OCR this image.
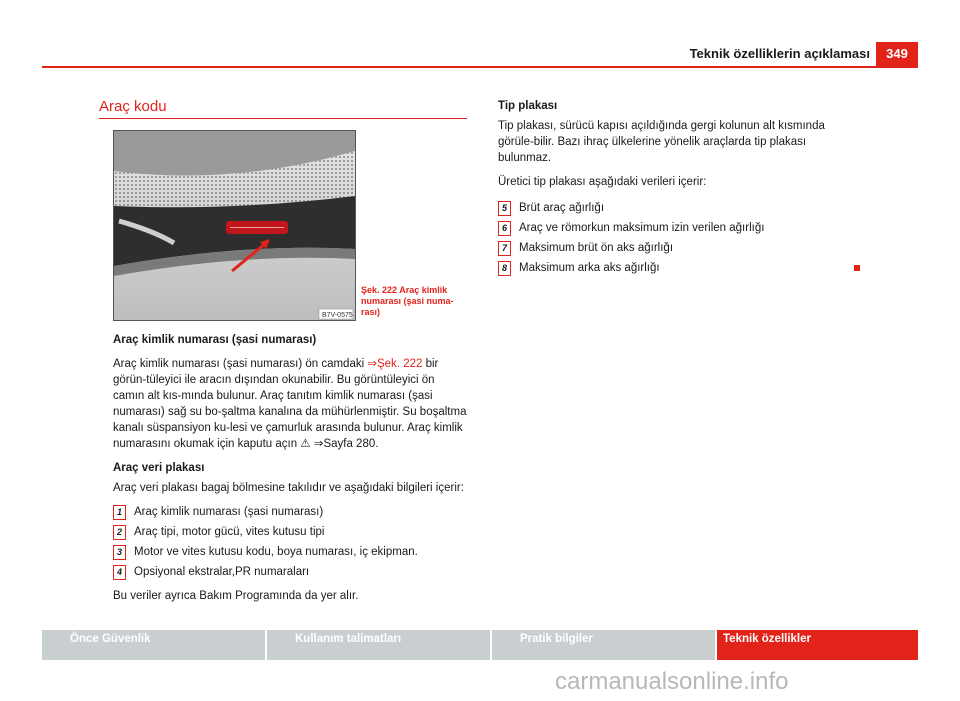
Teknik özelliklerin açıklaması	349
Araç kodu
B7V-0575
Şek. 222 Araç kimlik numarası (şasi numa-rası)

Araç kimlik numarası (şasi numarası)

Araç kimlik numarası (şasi numarası) ön camdaki ⇒Şek. 222 bir görün-tüleyici ile aracın dışından okunabilir. Bu görüntüleyici ön camın alt kıs-mında bulunur. Araç tanıtım kimlik numarası (şasi numarası) sağ su bo-şaltma kanalına da mühürlenmiştir. Su boşaltma kanalı süspansiyon ku-lesi ve çamurluk arasında bulunur. Araç kimlik numarasını okumak için kaputu açın ⚠ ⇒Sayfa 280.

Araç veri plakası

Araç veri plakası bagaj bölmesine takılıdır ve aşağıdaki bilgileri içerir:

1	Araç kimlik numarası (şasi numarası)
2	Araç tipi, motor gücü, vites kutusu tipi
3	Motor ve vites kutusu kodu, boya numarası, iç ekipman.
4	Opsiyonal ekstralar,PR numaraları

Bu veriler ayrıca Bakım Programında da yer alır.

Tip plakası

Tip plakası, sürücü kapısı açıldığında gergi kolunun alt kısmında görüle-bilir. Bazı ihraç ülkelerine yönelik araçlarda tip plakası bulunmaz.

Üretici tip plakası aşağıdaki verileri içerir:

5	Brüt araç ağırlığı
6	Araç ve römorkun maksimum izin verilen ağırlığı
7	Maksimum brüt ön aks ağırlığı
8	Maksimum arka aks ağırlığı
Önce Güvenlik	Kullanım talimatları	Pratik bilgiler	Teknik özellikler
carmanualsonline.info
